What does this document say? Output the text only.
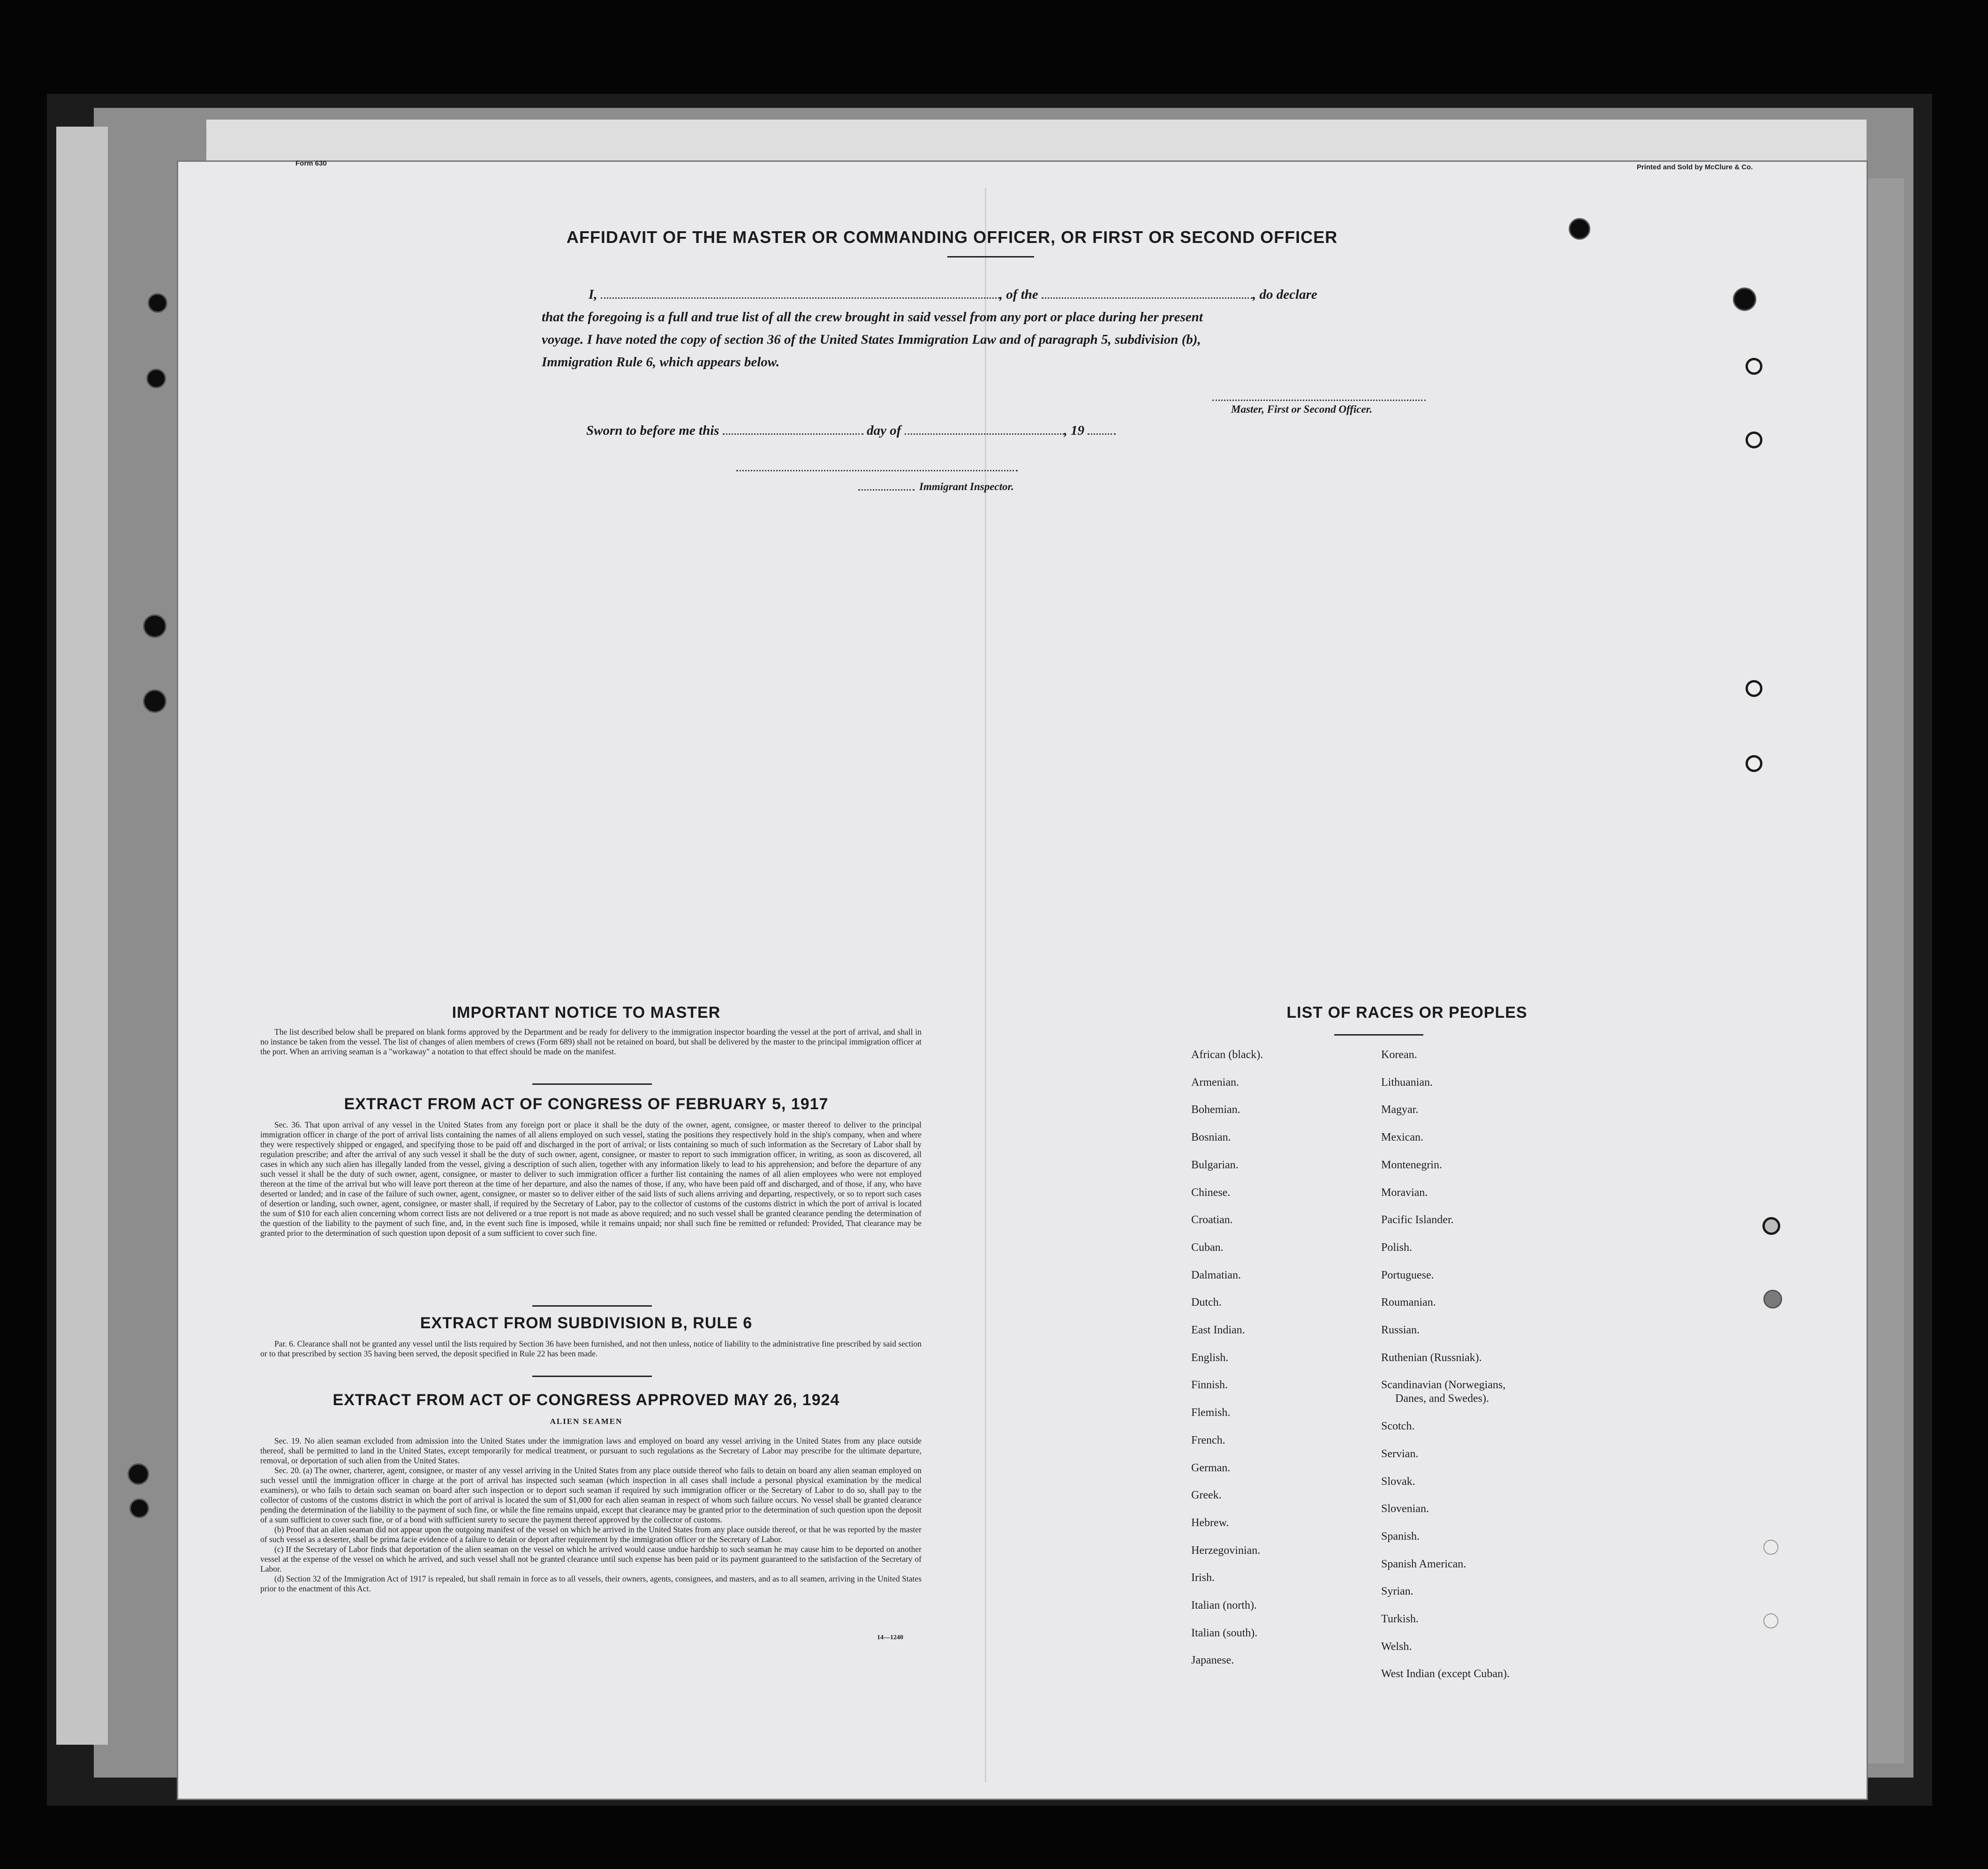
Form 630	Printed and Sold by McClure & Co.
AFFIDAVIT OF THE MASTER OR COMMANDING OFFICER, OR FIRST OR SECOND OFFICER
I,	, of the	, do declare
that the foregoing is a full and true list of all the crew brought in said vessel from any port or place during her present
voyage. I have noted the copy of section 36 of the United States Immigration Law and of paragraph 5, subdivision (b),
Immigration Rule 6, which appears below.
Master, First or Second Officer.
Sworn to before me this	day of	, 19
Immigrant Inspector.
IMPORTANT NOTICE TO MASTER
The list described below shall be prepared on blank forms approved by the Department and be ready for delivery to the immigration inspector boarding the vessel at the port of arrival, and shall in no instance be taken from the vessel. The list of changes of alien members of crews (Form 689) shall not be retained on board, but shall be delivered by the master to the principal immigration officer at the port. When an arriving seaman is a "workaway" a notation to that effect should be made on the manifest.
EXTRACT FROM ACT OF CONGRESS OF FEBRUARY 5, 1917
Sec. 36. That upon arrival of any vessel in the United States from any foreign port or place it shall be the duty of the owner, agent, consignee, or master thereof to deliver to the principal immigration officer in charge of the port of arrival lists containing the names of all aliens employed on such vessel, stating the positions they respectively hold in the ship's company, when and where they were respectively shipped or engaged, and specifying those to be paid off and discharged in the port of arrival; or lists containing so much of such information as the Secretary of Labor shall by regulation prescribe; and after the arrival of any such vessel it shall be the duty of such owner, agent, consignee, or master to report to such immigration officer, in writing, as soon as discovered, all cases in which any such alien has illegally landed from the vessel, giving a description of such alien, together with any information likely to lead to his apprehension; and before the departure of any such vessel it shall be the duty of such owner, agent, consignee, or master to deliver to such immigration officer a further list containing the names of all alien employees who were not employed thereon at the time of the arrival but who will leave port thereon at the time of her departure, and also the names of those, if any, who have been paid off and discharged, and of those, if any, who have deserted or landed; and in case of the failure of such owner, agent, consignee, or master so to deliver either of the said lists of such aliens arriving and departing, respectively, or so to report such cases of desertion or landing, such owner, agent, consignee, or master shall, if required by the Secretary of Labor, pay to the collector of customs of the customs district in which the port of arrival is located the sum of $10 for each alien concerning whom correct lists are not delivered or a true report is not made as above required; and no such vessel shall be granted clearance pending the determination of the question of the liability to the payment of such fine, and, in the event such fine is imposed, while it remains unpaid; nor shall such fine be remitted or refunded: Provided, That clearance may be granted prior to the determination of such question upon deposit of a sum sufficient to cover such fine.
EXTRACT FROM SUBDIVISION B, RULE 6
Par. 6. Clearance shall not be granted any vessel until the lists required by Section 36 have been furnished, and not then unless, notice of liability to the administrative fine prescribed by said section or to that prescribed by section 35 having been served, the deposit specified in Rule 22 has been made.
EXTRACT FROM ACT OF CONGRESS APPROVED MAY 26, 1924
ALIEN SEAMEN
Sec. 19. No alien seaman excluded from admission into the United States under the immigration laws and employed on board any vessel arriving in the United States from any place outside thereof, shall be permitted to land in the United States, except temporarily for medical treatment, or pursuant to such regulations as the Secretary of Labor may prescribe for the ultimate departure, removal, or deportation of such alien from the United States.
Sec. 20. (a) The owner, charterer, agent, consignee, or master of any vessel arriving in the United States from any place outside thereof who fails to detain on board any alien seaman employed on such vessel until the immigration officer in charge at the port of arrival has inspected such seaman (which inspection in all cases shall include a personal physical examination by the medical examiners), or who fails to detain such seaman on board after such inspection or to deport such seaman if required by such immigration officer or the Secretary of Labor to do so, shall pay to the collector of customs of the customs district in which the port of arrival is located the sum of $1,000 for each alien seaman in respect of whom such failure occurs. No vessel shall be granted clearance pending the determination of the liability to the payment of such fine, or while the fine remains unpaid, except that clearance may be granted prior to the determination of such question upon the deposit of a sum sufficient to cover such fine, or of a bond with sufficient surety to secure the payment thereof approved by the collector of customs.
(b) Proof that an alien seaman did not appear upon the outgoing manifest of the vessel on which he arrived in the United States from any place outside thereof, or that he was reported by the master of such vessel as a deserter, shall be prima facie evidence of a failure to detain or deport after requirement by the immigration officer or the Secretary of Labor.
(c) If the Secretary of Labor finds that deportation of the alien seaman on the vessel on which he arrived would cause undue hardship to such seaman he may cause him to be deported on another vessel at the expense of the vessel on which he arrived, and such vessel shall not be granted clearance until such expense has been paid or its payment guaranteed to the satisfaction of the Secretary of Labor.
(d) Section 32 of the Immigration Act of 1917 is repealed, but shall remain in force as to all vessels, their owners, agents, consignees, and masters, and as to all seamen, arriving in the United States prior to the enactment of this Act.
14—1240
LIST OF RACES OR PEOPLES
African (black).
Armenian.
Bohemian.
Bosnian.
Bulgarian.
Chinese.
Croatian.
Cuban.
Dalmatian.
Dutch.
East Indian.
English.
Finnish.
Flemish.
French.
German.
Greek.
Hebrew.
Herzegovinian.
Irish.
Italian (north).
Italian (south).
Japanese.
Korean.
Lithuanian.
Magyar.
Mexican.
Montenegrin.
Moravian.
Pacific Islander.
Polish.
Portuguese.
Roumanian.
Russian.
Ruthenian (Russniak).
Scandinavian (Norwegians,
Danes, and Swedes).
Scotch.
Servian.
Slovak.
Slovenian.
Spanish.
Spanish American.
Syrian.
Turkish.
Welsh.
West Indian (except Cuban).
